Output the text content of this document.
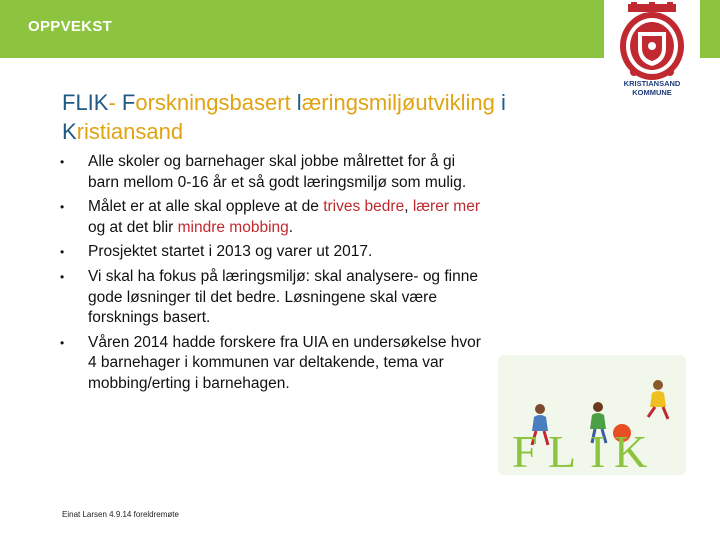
OPPVEKST
KRISTIANSAND
KOMMUNE
FLIK- Forskningsbasert læringsmiljøutvikling i Kristiansand
• Alle skoler og barnehager skal jobbe målrettet for å gi barn mellom 0-16 år et så godt læringsmiljø som mulig.
• Målet er at alle skal oppleve at de trives bedre, lærer mer og at det blir mindre mobbing.
• Prosjektet startet i 2013 og varer ut 2017.
• Vi skal ha fokus på læringsmiljø: skal analysere- og finne gode løsninger til det bedre. Løsningene skal være forsknings basert.
• Våren 2014 hadde forskere fra UIA en undersøkelse hvor 4 barnehager i kommunen var deltakende, tema var mobbing/erting i barnehagen.
F L I K
Einat Larsen 4.9.14 foreldremøte
